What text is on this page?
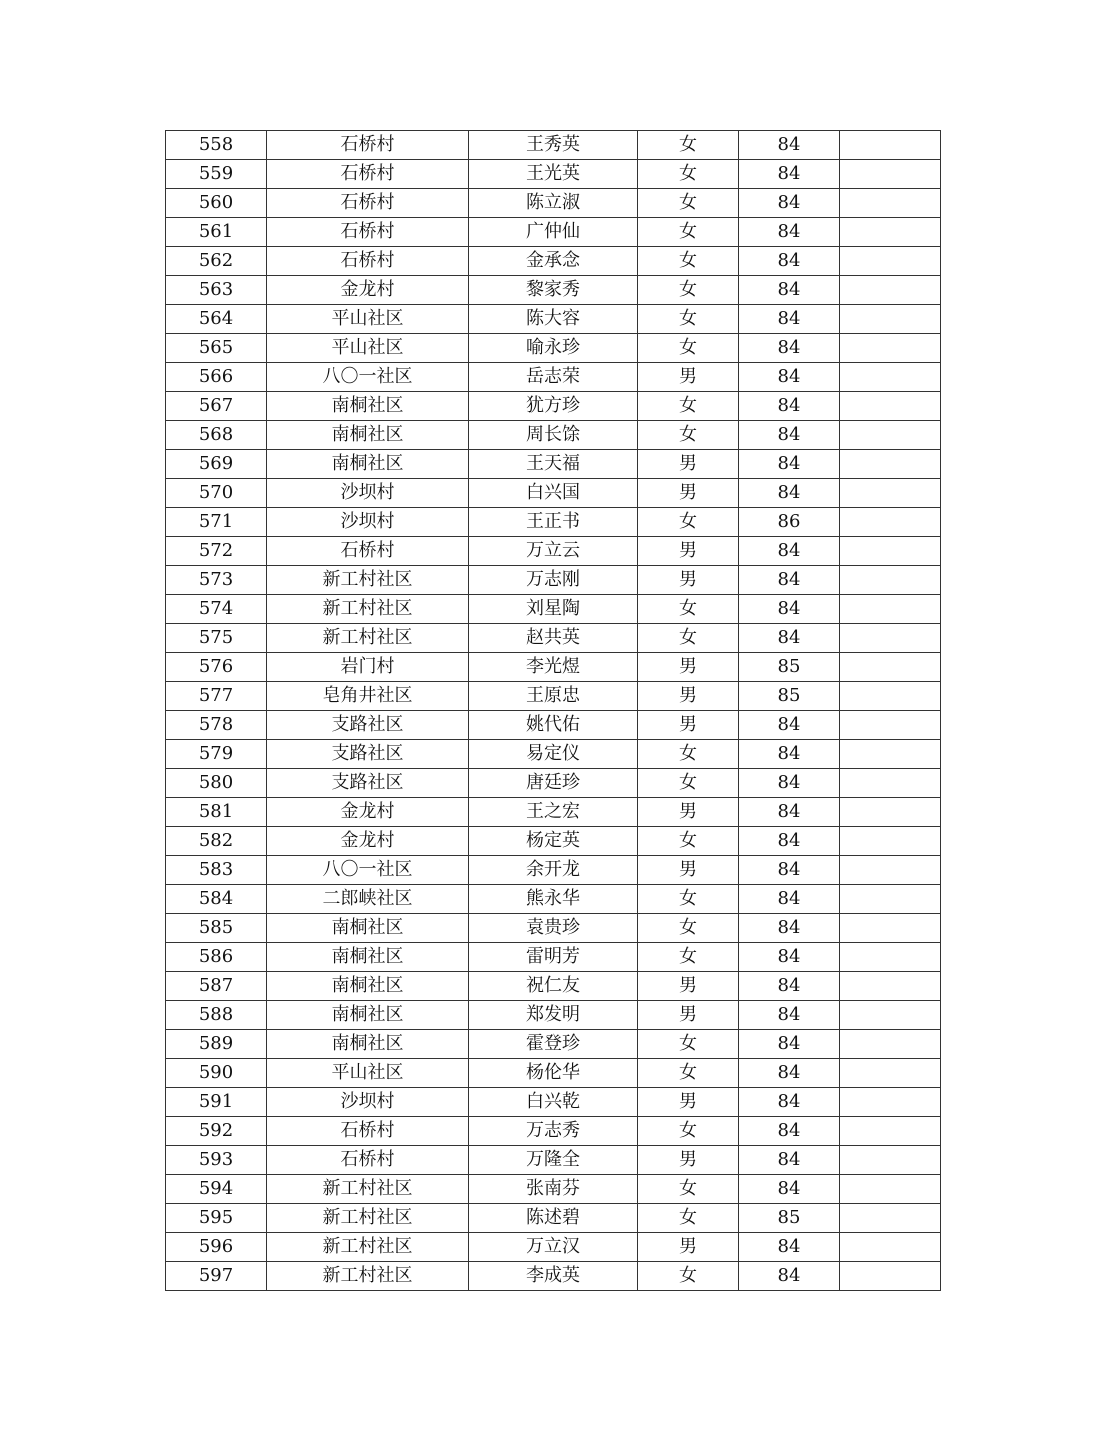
558	石桥村	王秀英	女	84	
559	石桥村	王光英	女	84	
560	石桥村	陈立淑	女	84	
561	石桥村	广仲仙	女	84	
562	石桥村	金承念	女	84	
563	金龙村	黎家秀	女	84	
564	平山社区	陈大容	女	84	
565	平山社区	喻永珍	女	84	
566	八〇一社区	岳志荣	男	84	
567	南桐社区	犹方珍	女	84	
568	南桐社区	周长馀	女	84	
569	南桐社区	王天福	男	84	
570	沙坝村	白兴国	男	84	
571	沙坝村	王正书	女	86	
572	石桥村	万立云	男	84	
573	新工村社区	万志刚	男	84	
574	新工村社区	刘星陶	女	84	
575	新工村社区	赵共英	女	84	
576	岩门村	李光煜	男	85	
577	皂角井社区	王原忠	男	85	
578	支路社区	姚代佑	男	84	
579	支路社区	易定仪	女	84	
580	支路社区	唐廷珍	女	84	
581	金龙村	王之宏	男	84	
582	金龙村	杨定英	女	84	
583	八〇一社区	余开龙	男	84	
584	二郎峡社区	熊永华	女	84	
585	南桐社区	袁贵珍	女	84	
586	南桐社区	雷明芳	女	84	
587	南桐社区	祝仁友	男	84	
588	南桐社区	郑发明	男	84	
589	南桐社区	霍登珍	女	84	
590	平山社区	杨伦华	女	84	
591	沙坝村	白兴乾	男	84	
592	石桥村	万志秀	女	84	
593	石桥村	万隆全	男	84	
594	新工村社区	张南芬	女	84	
595	新工村社区	陈述碧	女	85	
596	新工村社区	万立汉	男	84	
597	新工村社区	李成英	女	84	
